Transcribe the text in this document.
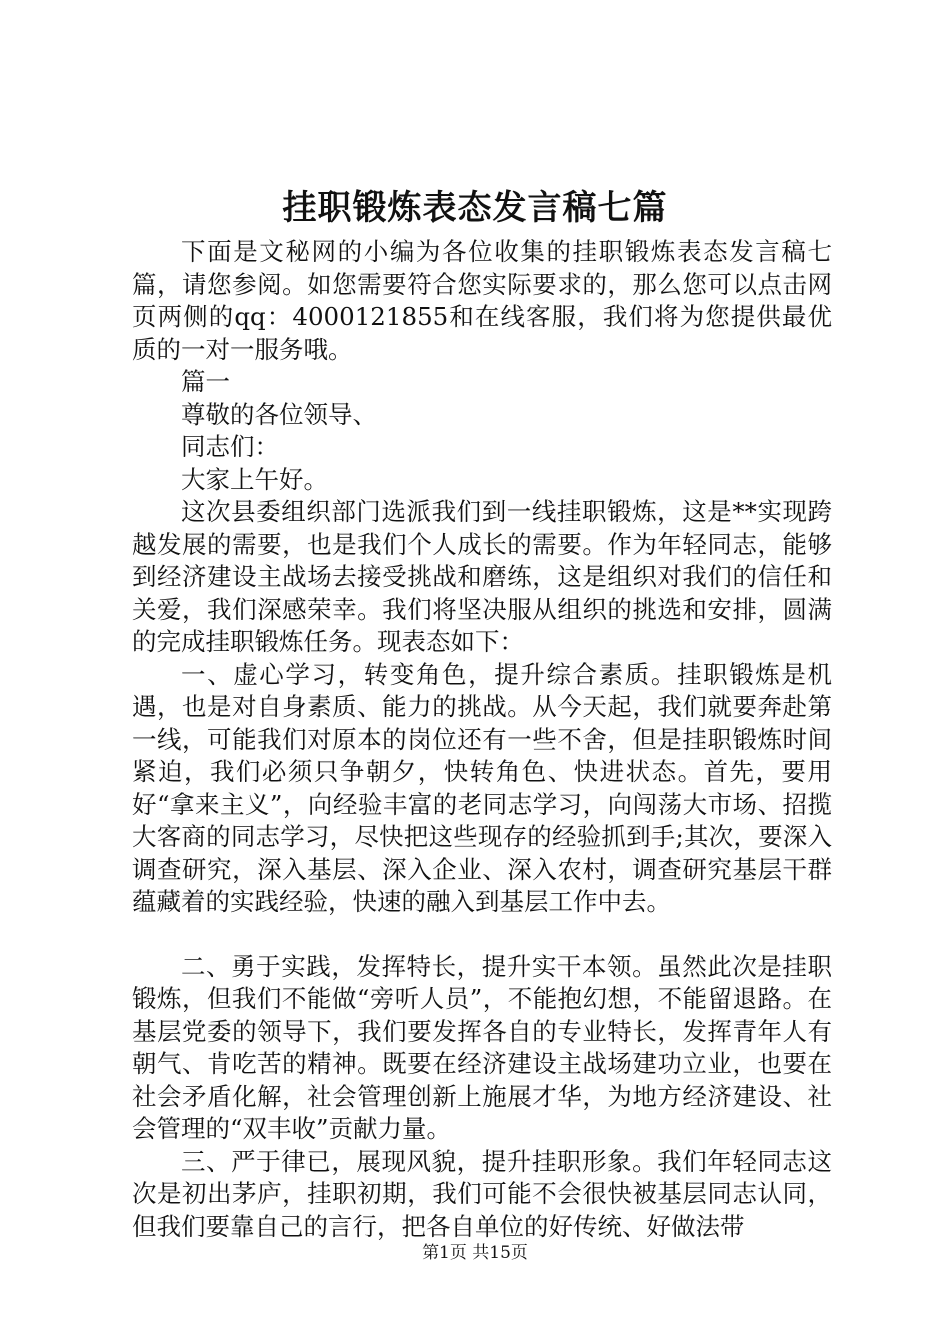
挂职锻炼表态发言稿七篇

下面是文秘网的小编为各位收集的挂职锻炼表态发言稿七篇，请您参阅。如您需要符合您实际要求的，那么您可以点击网页两侧的qq：4000121855和在线客服，我们将为您提供最优质的一对一服务哦。

篇一

尊敬的各位领导、

同志们：

大家上午好。

这次县委组织部门选派我们到一线挂职锻炼，这是**实现跨越发展的需要，也是我们个人成长的需要。作为年轻同志，能够到经济建设主战场去接受挑战和磨练，这是组织对我们的信任和关爱，我们深感荣幸。我们将坚决服从组织的挑选和安排，圆满的完成挂职锻炼任务。现表态如下：

一、虚心学习，转变角色，提升综合素质。挂职锻炼是机遇，也是对自身素质、能力的挑战。从今天起，我们就要奔赴第一线，可能我们对原本的岗位还有一些不舍，但是挂职锻炼时间紧迫，我们必须只争朝夕，快转角色、快进状态。首先，要用好“拿来主义”，向经验丰富的老同志学习，向闯荡大市场、招揽大客商的同志学习，尽快把这些现存的经验抓到手;其次，要深入调查研究，深入基层、深入企业、深入农村，调查研究基层干群蕴藏着的实践经验，快速的融入到基层工作中去。

二、勇于实践，发挥特长，提升实干本领。虽然此次是挂职锻炼，但我们不能做“旁听人员”，不能抱幻想，不能留退路。在基层党委的领导下，我们要发挥各自的专业特长，发挥青年人有朝气、肯吃苦的精神。既要在经济建设主战场建功立业，也要在社会矛盾化解，社会管理创新上施展才华，为地方经济建设、社会管理的“双丰收”贡献力量。

三、严于律已，展现风貌，提升挂职形象。我们年轻同志这次是初出茅庐，挂职初期，我们可能不会很快被基层同志认同，但我们要靠自己的言行，把各自单位的好传统、好做法带

第1页 共15页
